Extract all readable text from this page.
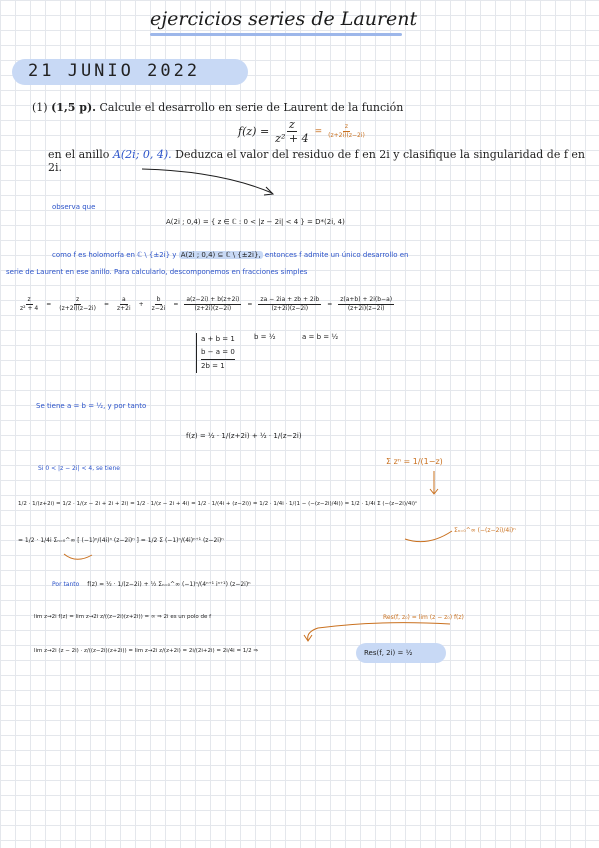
ejercicios series de Laurent
21 JUNIO 2022
(1) (1,5 p). Calcule el desarrollo en serie de Laurent de la función
$f(z) = \frac{z}{\text{z² + 4}} = \frac{z}{(z+2i)(z-2i)}$
en el anillo A(2i; 0, 4). Deduzca el valor del residuo de f en 2i y clasifique la singularidad de f en 2i.
observa que
A(2i ; 0,4) = { z ∈ ℂ : 0 < |z − 2i| < 4 } = D*(2i, 4)
como f es holomorfa en ℂ \ {±2i} y A(2i ; 0,4) ⊆ ℂ \ {±2i}, entonces f admite un único desarrollo en
serie de Laurent en ese anillo. Para calcularlo, descomponemos en fracciones simples
$\frac{z}{\text{z² + 4}} = \frac{z}{(z+2i)(z-2i)} = \frac{a}{z+2i} + \frac{b}{z-2i} = \frac{a(z-2i) + b(z+2i)}{(z+2i)(z-2i)} = \frac{za - 2ia + zb + 2ib}{(z+2i)(z-2i)} = \frac{z(a+b) + 2i(b-a)}{(z+2i)(z-2i)}$
a + b = 1
b − a = 0
2b = 1
b = ½	a = b = ½
Se tiene a = b = ½, y por tanto
f(z) = ½ · 1/(z+2i) + ½ · 1/(z−2i)
Si 0 < |z − 2i| < 4, se tiene
Σ zⁿ = 1/(1−z)
1/2 · 1/(z+2i) = 1/2 · 1/(z − 2i + 2i + 2i) = 1/2 · 1/(z − 2i + 4i) = 1/2 · 1/(4i + (z−2i)) = 1/2 · 1/4i · 1/(1 − (−(z−2i)/4i)) = 1/2 · 1/4i Σ (−(z−2i)/4i)ⁿ
= 1/2 · 1/4i Σₙ₌₀^∞ [ (−1)ⁿ/(4i)ⁿ (z−2i)ⁿ ] = 1/2 Σ (−1)ⁿ/(4i)ⁿ⁺¹ (z−2i)ⁿ
Σₙ₌₀^∞ (−(z−2i)/4i)ⁿ
Por tanto f(z) = ½ · 1/(z−2i) + ½ Σₙ₌₀^∞ (−1)ⁿ/(4ⁿ⁺¹ iⁿ⁺¹) (z−2i)ⁿ
lim z→2i f(z) = lim z→2i z/((z−2i)(z+2i)) = ∞ ⇒ 2i es un polo de f	Res(f, z₀) = lim (z − z₀) f(z)
lim z→2i (z − 2i) · z/((z−2i)(z+2i)) = lim z→2i z/(z+2i) = 2i/(2i+2i) = 2i/4i = 1/2 ⇒	Res(f, 2i) = ½
